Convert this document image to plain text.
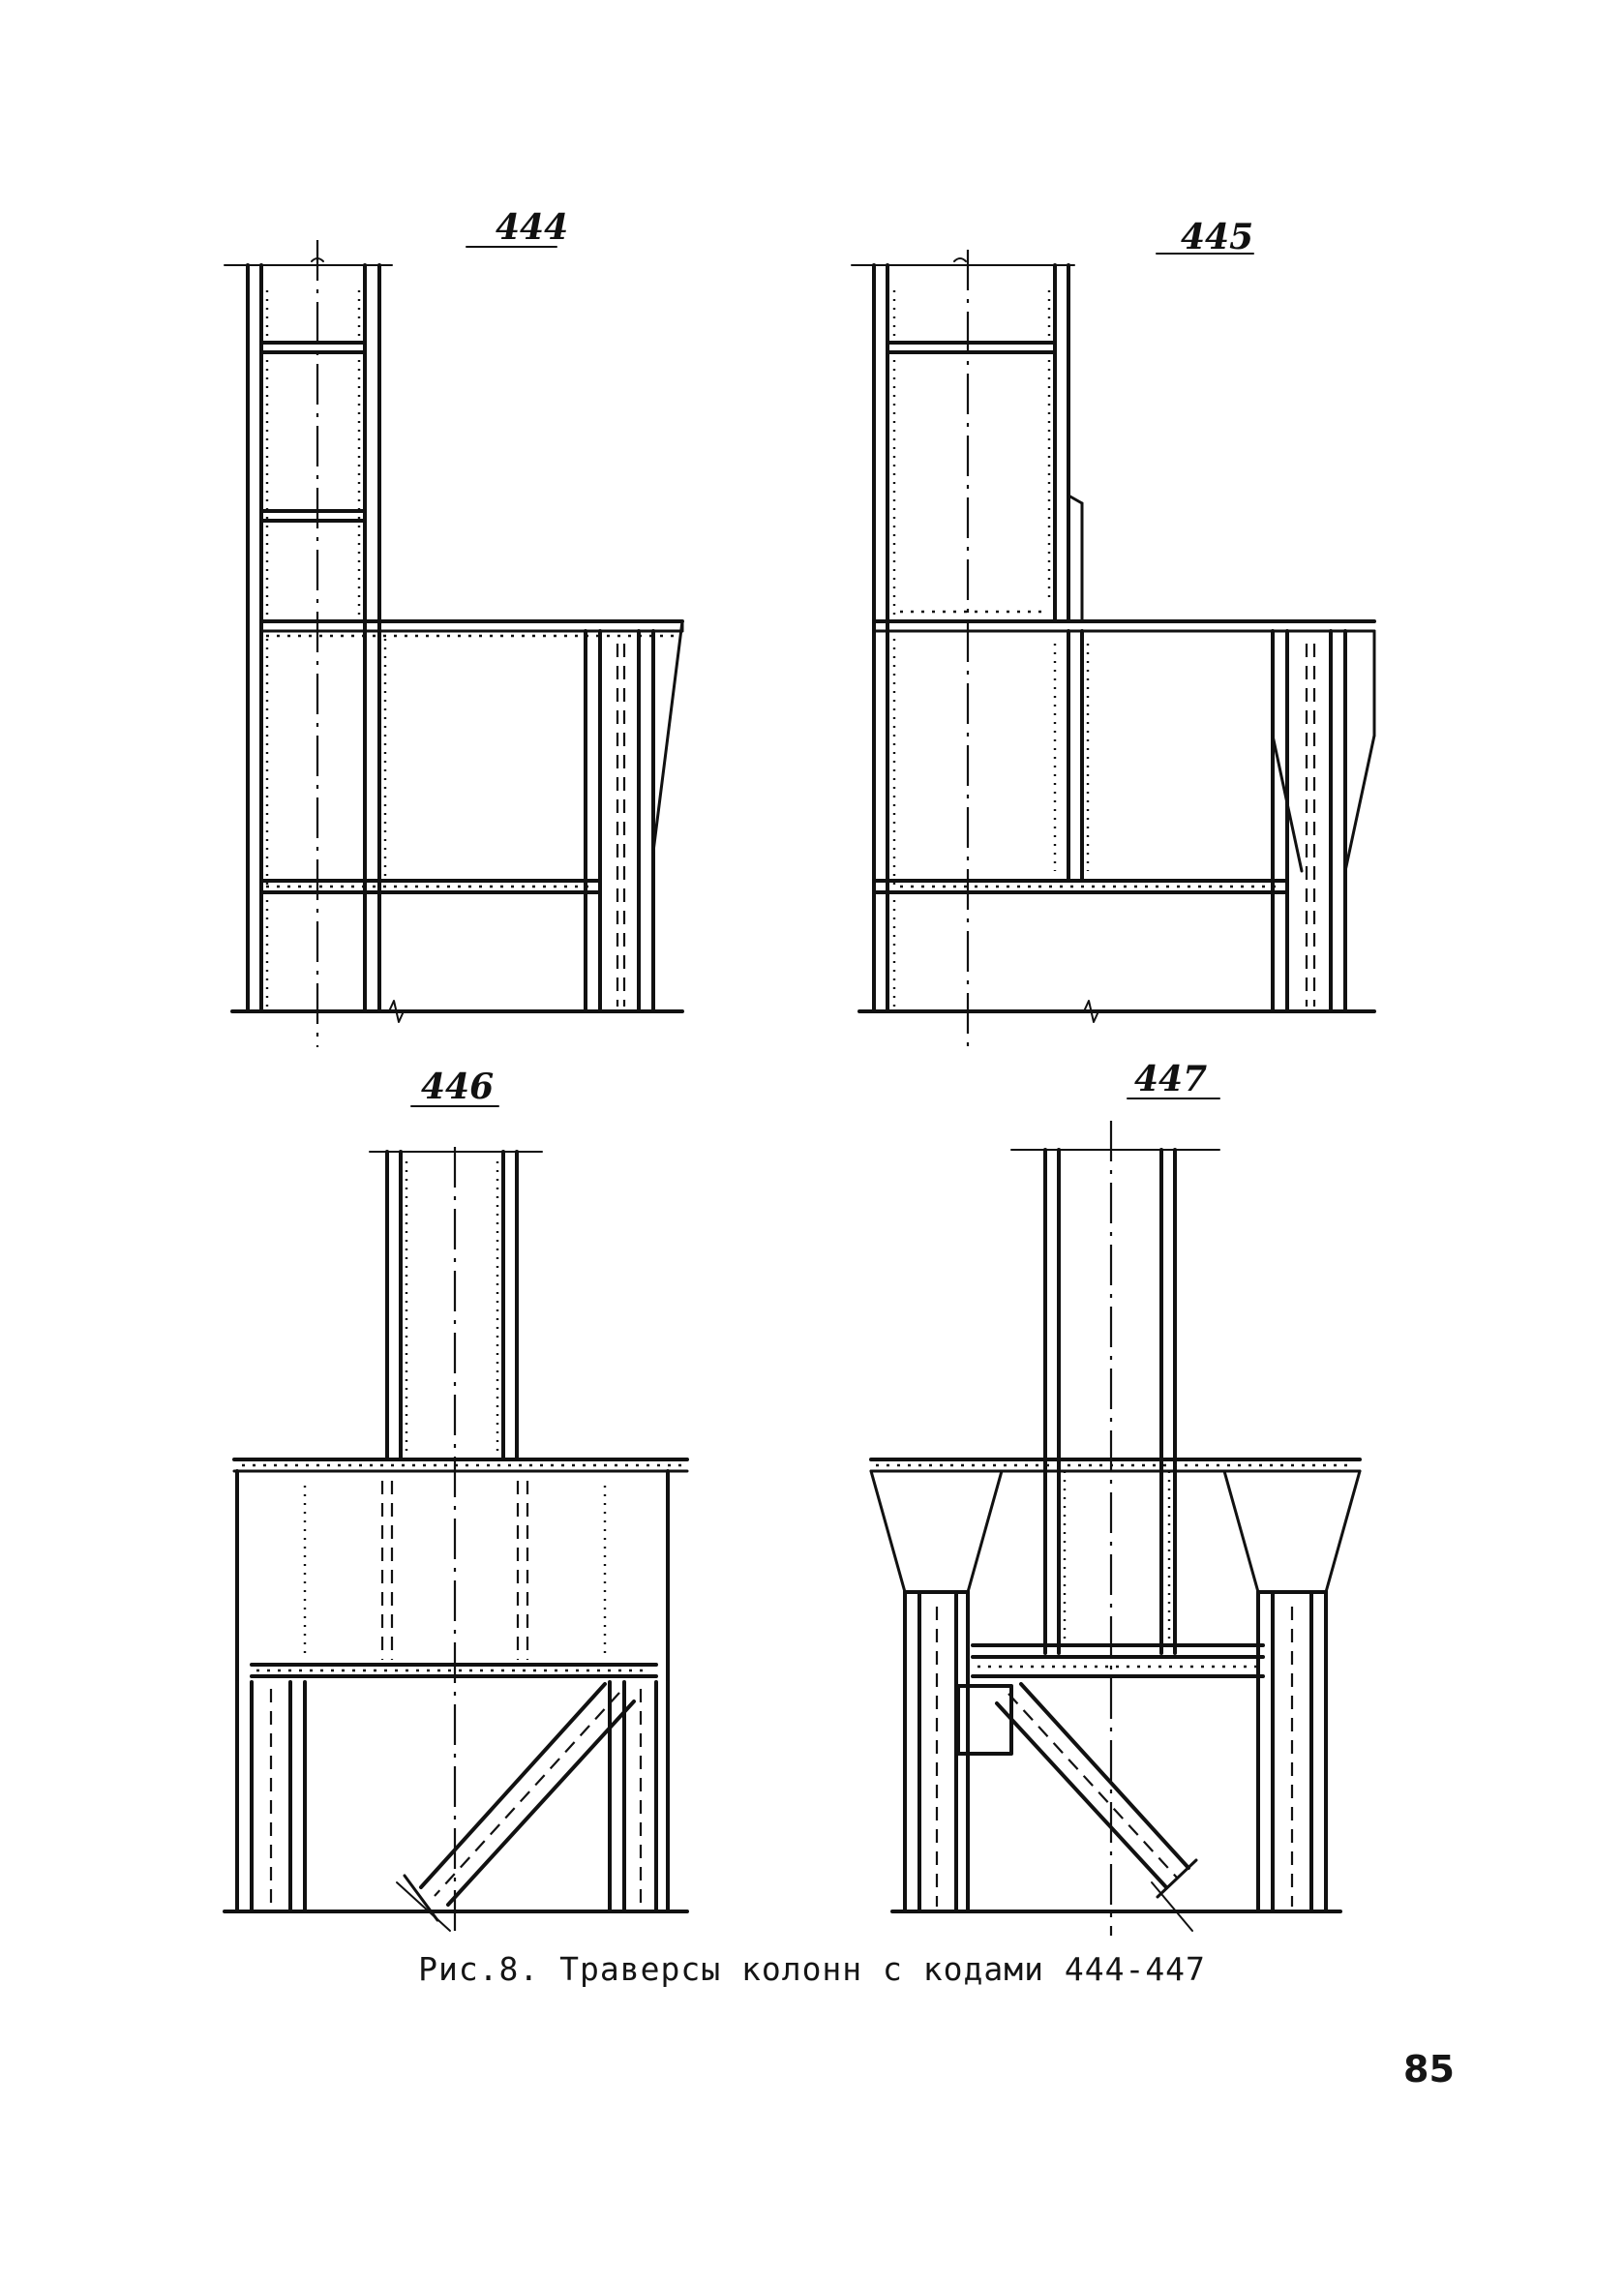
444	445
446	447
Рис.8. Траверсы колонн с кодами 444-447
85
